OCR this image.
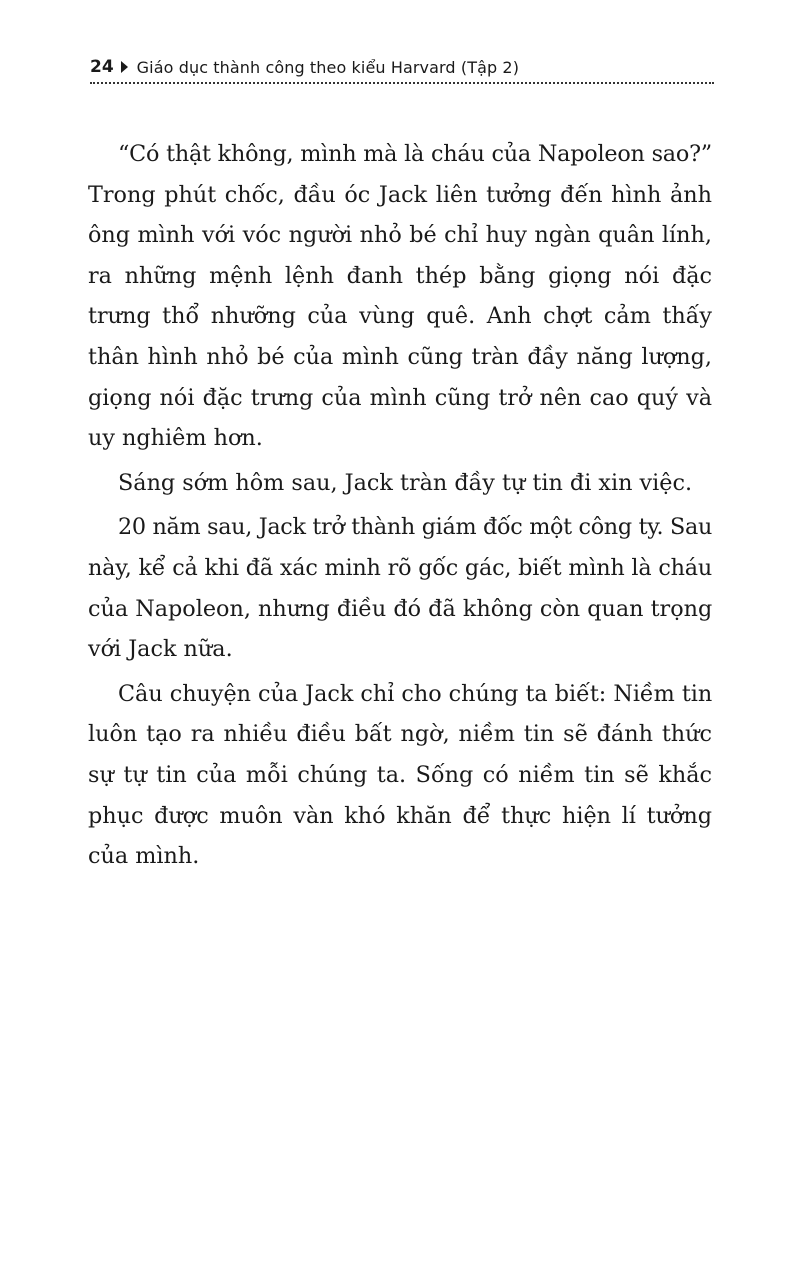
24 Giáo dục thành công theo kiểu Harvard (Tập 2)
“Có thật không, mình mà là cháu của Napoleon sao?”
Trong phút chốc, đầu óc Jack liên tưởng đến hình ảnh
ông mình với vóc người nhỏ bé chỉ huy ngàn quân lính,
ra những mệnh lệnh đanh thép bằng giọng nói đặc
trưng thổ nhưỡng của vùng quê. Anh chợt cảm thấy
thân hình nhỏ bé của mình cũng tràn đầy năng lượng,
giọng nói đặc trưng của mình cũng trở nên cao quý và
uy nghiêm hơn.
Sáng sớm hôm sau, Jack tràn đầy tự tin đi xin việc.
20 năm sau, Jack trở thành giám đốc một công ty. Sau
này, kể cả khi đã xác minh rõ gốc gác, biết mình là cháu
của Napoleon, nhưng điều đó đã không còn quan trọng
với Jack nữa.
Câu chuyện của Jack chỉ cho chúng ta biết: Niềm tin
luôn tạo ra nhiều điều bất ngờ, niềm tin sẽ đánh thức
sự tự tin của mỗi chúng ta. Sống có niềm tin sẽ khắc
phục được muôn vàn khó khăn để thực hiện lí tưởng
của mình.
